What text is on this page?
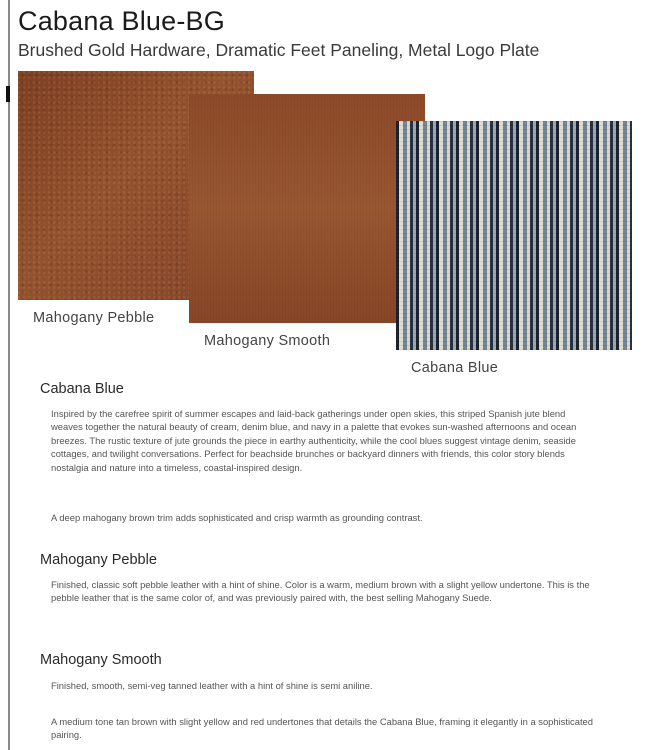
Cabana Blue-BG
Brushed Gold Hardware, Dramatic Feet Paneling, Metal Logo Plate
Mahogany Pebble
Mahogany Smooth
Cabana Blue
Cabana Blue
Inspired by the carefree spirit of summer escapes and laid-back gatherings under open skies, this striped Spanish jute blend weaves together the natural beauty of cream, denim blue, and navy in a palette that evokes sun-washed afternoons and ocean breezes. The rustic texture of jute grounds the piece in earthy authenticity, while the cool blues suggest vintage denim, seaside cottages, and twilight conversations. Perfect for beachside brunches or backyard dinners with friends, this color story blends nostalgia and nature into a timeless, coastal-inspired design.
A deep mahogany brown trim adds sophisticated and crisp warmth as grounding contrast.
Mahogany Pebble
Finished, classic soft pebble leather with a hint of shine. Color is a warm, medium brown with a slight yellow undertone. This is the pebble leather that is the same color of, and was previously paired with, the best selling Mahogany Suede.
Mahogany Smooth
Finished, smooth, semi-veg tanned leather with a hint of shine is semi aniline.
A medium tone tan brown with slight yellow and red undertones that details the Cabana Blue, framing it elegantly in a sophisticated pairing.
